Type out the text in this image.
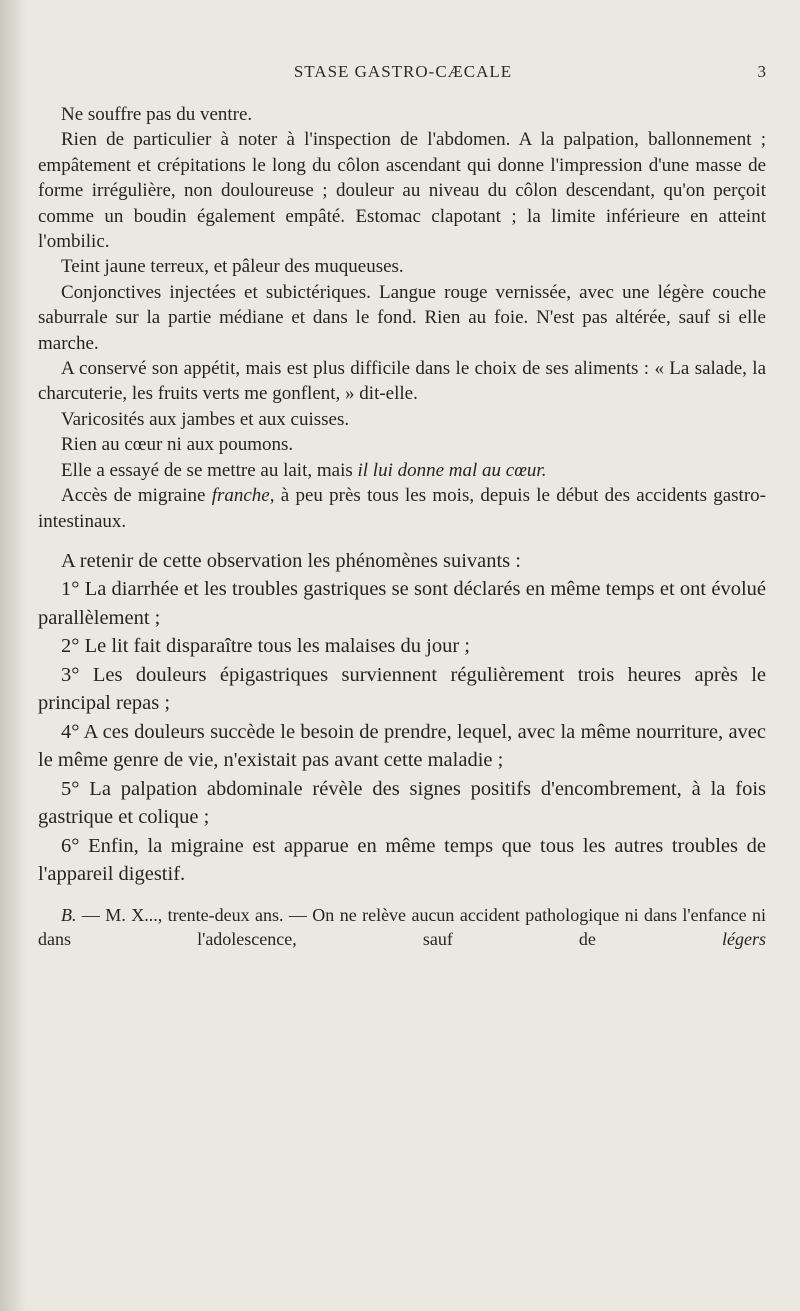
STASE GASTRO-CÆCALE	3

Ne souffre pas du ventre.

Rien de particulier à noter à l'inspection de l'abdomen. A la palpation, ballonnement ; empâtement et crépitations le long du côlon ascendant qui donne l'impression d'une masse de forme irrégulière, non douloureuse ; douleur au niveau du côlon descendant, qu'on perçoit comme un boudin également empâté. Estomac clapotant ; la limite inférieure en atteint l'ombilic.

Teint jaune terreux, et pâleur des muqueuses.

Conjonctives injectées et subictériques. Langue rouge vernissée, avec une légère couche saburrale sur la partie médiane et dans le fond. Rien au foie. N'est pas altérée, sauf si elle marche.

A conservé son appétit, mais est plus difficile dans le choix de ses aliments : « La salade, la charcuterie, les fruits verts me gonflent, » dit-elle.

Varicosités aux jambes et aux cuisses.

Rien au cœur ni aux poumons.

Elle a essayé de se mettre au lait, mais il lui donne mal au cœur.

Accès de migraine franche, à peu près tous les mois, depuis le début des accidents gastro-intestinaux.

A retenir de cette observation les phénomènes suivants :

1° La diarrhée et les troubles gastriques se sont déclarés en même temps et ont évolué parallèlement ;

2° Le lit fait disparaître tous les malaises du jour ;

3° Les douleurs épigastriques surviennent régulièrement trois heures après le principal repas ;

4° A ces douleurs succède le besoin de prendre, lequel, avec la même nourriture, avec le même genre de vie, n'existait pas avant cette maladie ;

5° La palpation abdominale révèle des signes positifs d'encombrement, à la fois gastrique et colique ;

6° Enfin, la migraine est apparue en même temps que tous les autres troubles de l'appareil digestif.

B. — M. X..., trente-deux ans. — On ne relève aucun accident pathologique ni dans l'enfance ni dans l'adolescence, sauf de légers
